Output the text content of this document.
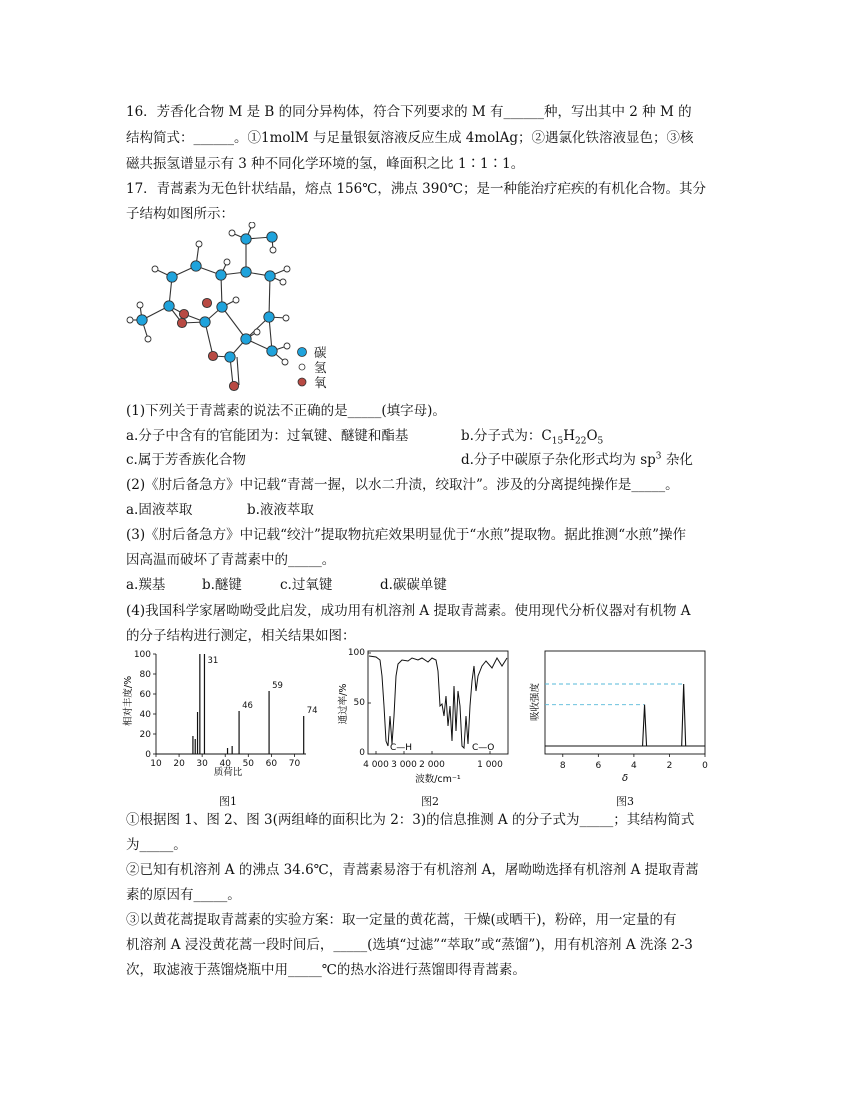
16．芳香化合物 M 是 B 的同分异构体，符合下列要求的 M 有______种，写出其中 2 种 M 的
结构简式：______。①1molM 与足量银氨溶液反应生成 4molAg；②遇氯化铁溶液显色；③核
磁共振氢谱显示有 3 种不同化学环境的氢，峰面积之比 1∶1∶1。
17．青蒿素为无色针状结晶，熔点 156℃，沸点 390℃；是一种能治疗疟疾的有机化合物。其分
子结构如图所示：
碳
氢
氧
(1)下列关于青蒿素的说法不正确的是_____(填字母)。
a.分子中含有的官能团为：过氧键、醚键和酯基	b.分子式为：$C_{15}H_{22}O_5$
c.属于芳香族化合物	d.分子中碳原子杂化形式均为 $sp^3$ 杂化
(2)《肘后备急方》中记载“青蒿一握，以水二升渍，绞取汁”。涉及的分离提纯操作是_____。
a.固液萃取	b.液液萃取
(3)《肘后备急方》中记载“绞汁”提取物抗疟效果明显优于“水煎”提取物。据此推测“水煎”操作
因高温而破坏了青蒿素中的_____。
a.羰基	b.醚键	c.过氧键	d.碳碳单键
(4)我国科学家屠呦呦受此启发，成功用有机溶剂 A 提取青蒿素。使用现代分析仪器对有机物 A
的分子结构进行测定，相关结果如图：
0
20
40
60
80
100
10 20 30 40 50 60 70
31
46
59
74
质荷比
相对丰度/%
图1
100
50
0	C—H	C—O
4 000 3 000 2 000	1 000
波数/cm⁻¹
通过率/%
图2
8	6	4	2	0
吸收强度
δ
图3
①根据图 1、图 2、图 3(两组峰的面积比为 2：3)的信息推测 A 的分子式为_____；其结构简式
为_____。
②已知有机溶剂 A 的沸点 34.6℃，青蒿素易溶于有机溶剂 A，屠呦呦选择有机溶剂 A 提取青蒿
素的原因有_____。
③以黄花蒿提取青蒿素的实验方案：取一定量的黄花蒿，干燥(或晒干)，粉碎，用一定量的有
机溶剂 A 浸没黄花蒿一段时间后，_____(选填“过滤”“萃取”或“蒸馏”)，用有机溶剂 A 洗涤 2-3
次，取滤液于蒸馏烧瓶中用_____℃的热水浴进行蒸馏即得青蒿素。
